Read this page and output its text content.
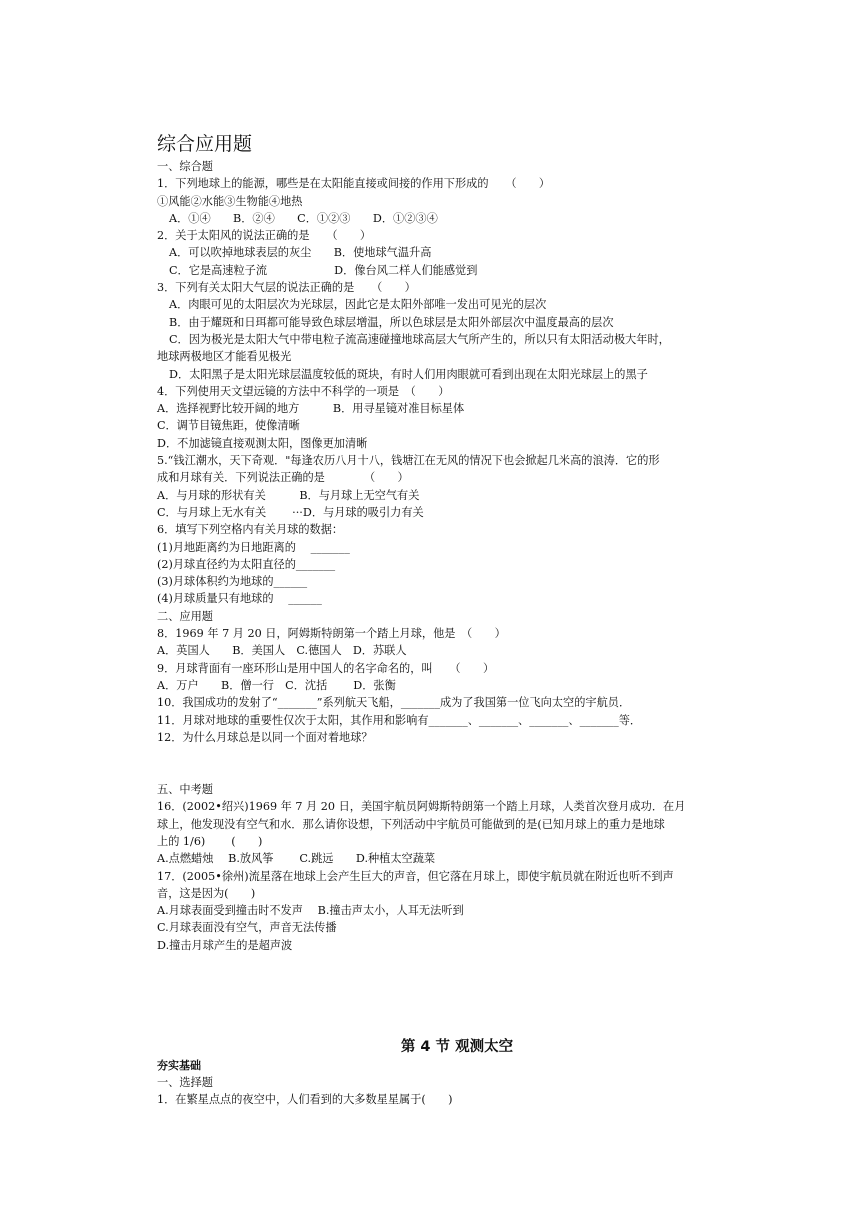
综合应用题
一、综合题
1．下列地球上的能源，哪些是在太阳能直接或间接的作用下形成的　　（　　）
①风能②水能③生物能④地热
A．①④　　B．②④　　C．①②③　　D．①②③④
2．关于太阳风的说法正确的是　　（　　）
A．可以吹掉地球表层的灰尘　　B．使地球气温升高
C．它是高速粒子流　　　　　　D．像台风二样人们能感觉到
3．下列有关太阳大气层的说法正确的是　　（　　）
A．肉眼可见的太阳层次为光球层，因此它是太阳外部唯一发出可见光的层次
B．由于耀斑和日珥都可能导致色球层增温，所以色球层是太阳外部层次中温度最高的层次
C．因为极光是太阳大气中带电粒子流高速碰撞地球高层大气所产生的，所以只有太阳活动极大年时，
地球两极地区才能看见极光
D．太阳黑子是太阳光球层温度较低的斑块，有时人们用肉眼就可看到出现在太阳光球层上的黑子
4．下列使用天文望远镜的方法中不科学的一项是　（　　）
A．选择视野比较开阔的地方　　　B．用寻星镜对准目标星体
C．调节目镜焦距，使像清晰
D．不加滤镜直接观测太阳，图像更加清晰
5.“钱江潮水，天下奇观．"每逢农历八月十八，钱塘江在无风的情况下也会掀起几米高的浪涛．它的形
成和月球有关．下列说法正确的是　　　　（　　）
A．与月球的形状有关　　　B．与月球上无空气有关
C．与月球上无水有关　　 ···D．与月球的吸引力有关
6．填写下列空格内有关月球的数据：
(1)月地距离约为日地距离的　 _______
(2)月球直径约为太阳直径的_______
(3)月球体积约为地球的______
(4)月球质量只有地球的　 ______
二、应用题
8．1969 年 7 月 20 日，阿姆斯特朗第一个踏上月球，他是　（　　）
A．英国人　　B．美国人　C.德国人　D．苏联人
9．月球背面有一座环形山是用中国人的名字命名的，叫　　（　　）
A．万户　　B．僧一行　C．沈括　　 D．张衡
10．我国成功的发射了“_______”系列航天飞船，_______成为了我国第一位飞向太空的宇航员．
11．月球对地球的重要性仅次于太阳，其作用和影响有_______、_______、_______、_______等．
12．为什么月球总是以同一个面对着地球？
五、中考题
16．(2002•绍兴)1969 年 7 月 20 日，美国宇航员阿姆斯特朗第一个踏上月球，人类首次登月成功．在月
球上，他发现没有空气和水．那么请你设想，下列活动中宇航员可能做到的是(已知月球上的重力是地球
上的 1/6)　　 (　　)
A.点燃蜡烛　 B.放风筝　　 C.跳远　　D.种植太空蔬菜
17．(2005•徐州)流星落在地球上会产生巨大的声音，但它落在月球上，即使宇航员就在附近也听不到声
音，这是因为(　　)
A.月球表面受到撞击时不发声　 B.撞击声太小，人耳无法听到
C.月球表面没有空气，声音无法传播
D.撞击月球产生的是超声波
第 4 节 观测太空
夯实基础
一、选择题
1．在繁星点点的夜空中，人们看到的大多数星星属于(　　)
